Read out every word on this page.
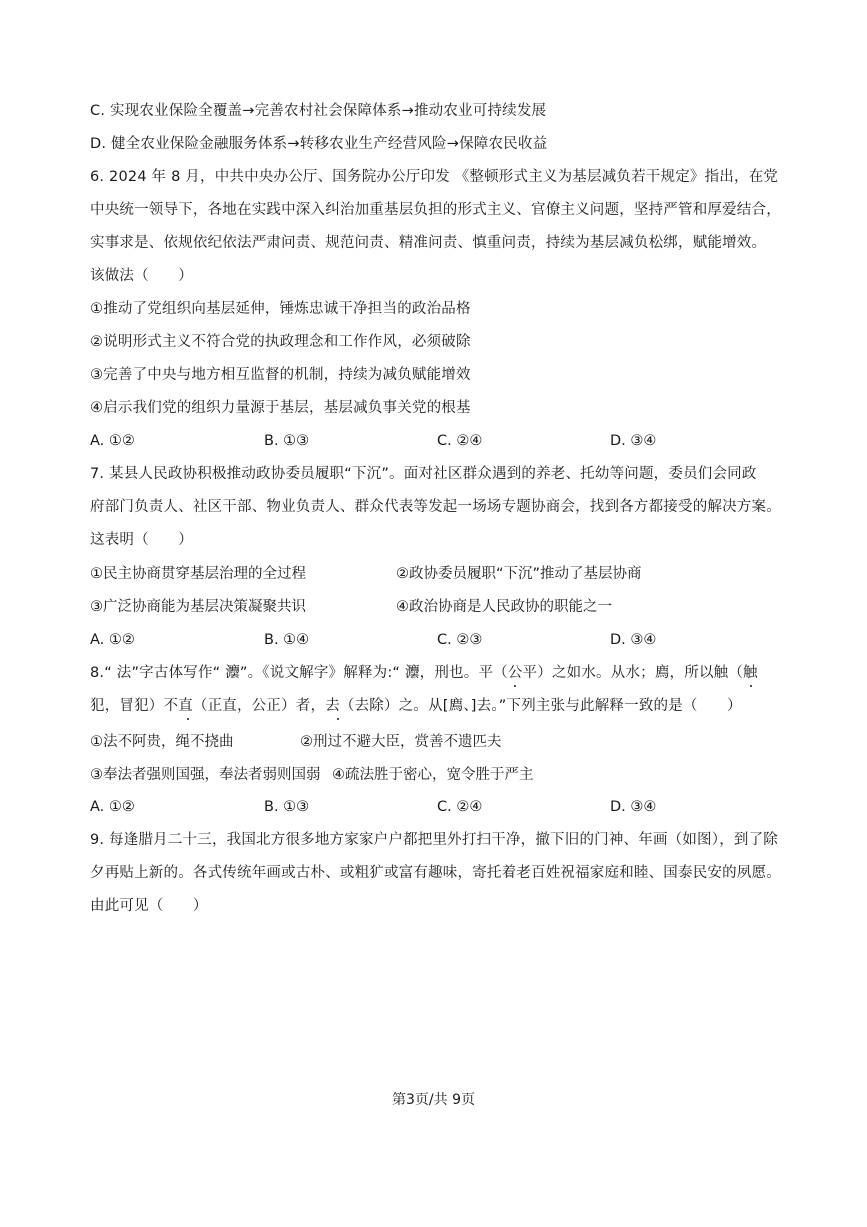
C. 实现农业保险全覆盖→完善农村社会保障体系→推动农业可持续发展
D. 健全农业保险金融服务体系→转移农业生产经营风险→保障农民收益
6. 2024 年 8 月，中共中央办公厅、国务院办公厅印发 《整顿形式主义为基层减负若干规定》指出，在党
中央统一领导下，各地在实践中深入纠治加重基层负担的形式主义、官僚主义问题，坚持严管和厚爱结合，
实事求是、依规依纪依法严肃问责、规范问责、精准问责、慎重问责，持续为基层减负松绑，赋能增效。
该做法（　　）
①推动了党组织向基层延伸，锤炼忠诚干净担当的政治品格
②说明形式主义不符合党的执政理念和工作作风，必须破除
③完善了中央与地方相互监督的机制，持续为减负赋能增效
④启示我们党的组织力量源于基层，基层减负事关党的根基
A. ①②	B. ①③	C. ②④	D. ③④
7. 某县人民政协积极推动政协委员履职“下沉”。面对社区群众遇到的养老、托幼等问题，委员们会同政
府部门负责人、社区干部、物业负责人、群众代表等发起一场场专题协商会，找到各方都接受的解决方案。
这表明（　　）
①民主协商贯穿基层治理的全过程	②政协委员履职“下沉”推动了基层协商
③广泛协商能为基层决策凝聚共识	④政治协商是人民政协的职能之一
A. ①②	B. ①④	C. ②③	D. ③④
8.“ 法”字古体写作“ 灋”。《说文解字》解释为:“ 灋，刑也。平（公平）之如水。从水；廌，所以触（触
犯，冒犯）不直（正直，公正）者，去（去除）之。从[廌、]去。”下列主张与此解释一致的是（　　）
①法不阿贵，绳不挠曲	②刑过不避大臣，赏善不遗匹夫
③奉法者强则国强，奉法者弱则国弱 ④疏法胜于密心，宽令胜于严主
A. ①②	B. ①③	C. ②④	D. ③④
9. 每逢腊月二十三，我国北方很多地方家家户户都把里外打扫干净，撤下旧的门神、年画（如图），到了除
夕再贴上新的。各式传统年画或古朴、或粗犷或富有趣味，寄托着老百姓祝福家庭和睦、国泰民安的夙愿。
由此可见（　　）
第3页/共 9页
